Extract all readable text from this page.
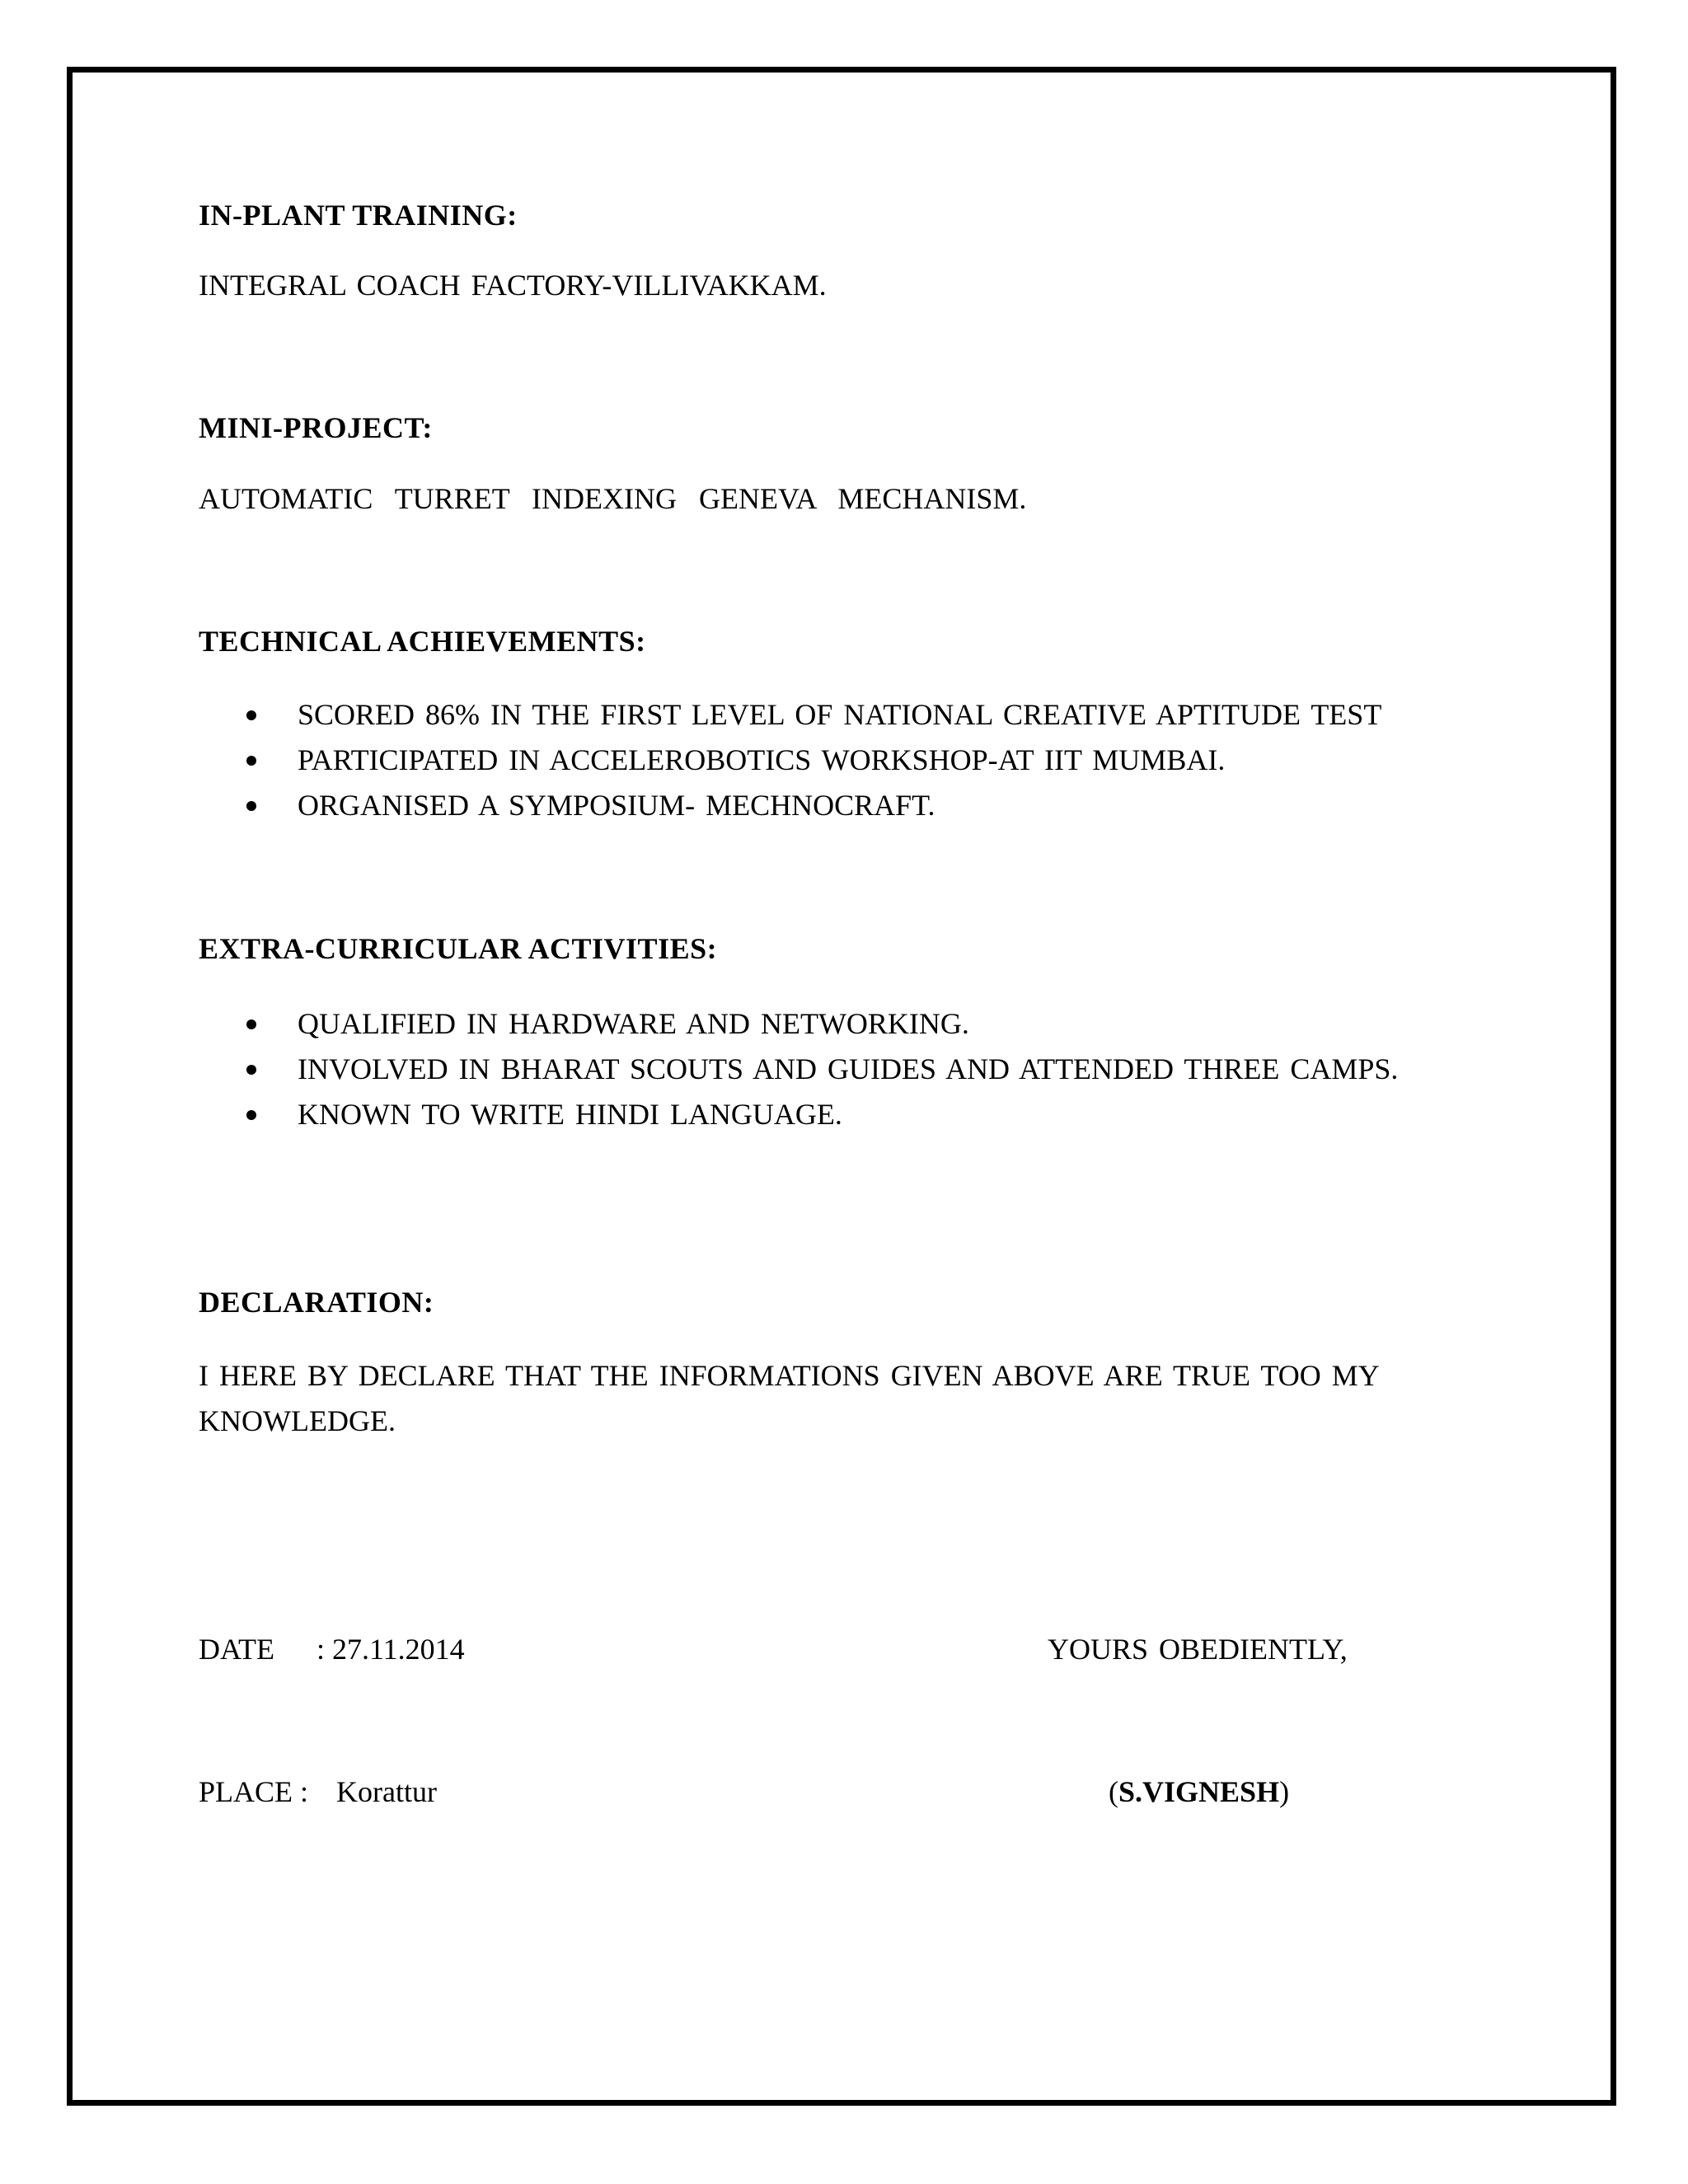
IN-PLANT TRAINING:
INTEGRAL COACH FACTORY-VILLIVAKKAM.
MINI-PROJECT:
AUTOMATIC TURRET INDEXING GENEVA MECHANISM.
TECHNICAL ACHIEVEMENTS:
SCORED 86% IN THE FIRST LEVEL OF NATIONAL CREATIVE APTITUDE TEST
PARTICIPATED IN ACCELEROBOTICS WORKSHOP-AT IIT MUMBAI.
ORGANISED A SYMPOSIUM- MECHNOCRAFT.
EXTRA-CURRICULAR ACTIVITIES:
QUALIFIED IN HARDWARE AND NETWORKING.
INVOLVED IN BHARAT SCOUTS AND GUIDES AND ATTENDED THREE CAMPS.
KNOWN TO WRITE HINDI LANGUAGE.
DECLARATION:
I HERE BY DECLARE THAT THE INFORMATIONS GIVEN ABOVE ARE TRUE TOO MY KNOWLEDGE.
DATE : 27.11.2014	YOURS OBEDIENTLY,
PLACE : Korattur	(S.VIGNESH)
